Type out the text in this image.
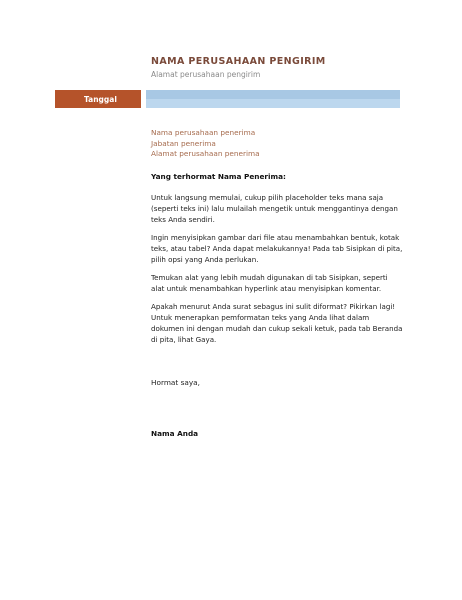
NAMA PERUSAHAAN PENGIRIM
Alamat perusahaan pengirim
Tanggal
Nama perusahaan penerima
Jabatan penerima
Alamat perusahaan penerima
Yang terhormat Nama Penerima:

Untuk langsung memulai, cukup pilih placeholder teks mana saja (seperti teks ini) lalu mulailah mengetik untuk menggantinya dengan teks Anda sendiri.

Ingin menyisipkan gambar dari file atau menambahkan bentuk, kotak teks, atau tabel? Anda dapat melakukannya! Pada tab Sisipkan di pita, pilih opsi yang Anda perlukan.

Temukan alat yang lebih mudah digunakan di tab Sisipkan, seperti alat untuk menambahkan hyperlink atau menyisipkan komentar.

Apakah menurut Anda surat sebagus ini sulit diformat? Pikirkan lagi! Untuk menerapkan pemformatan teks yang Anda lihat dalam dokumen ini dengan mudah dan cukup sekali ketuk, pada tab Beranda di pita, lihat Gaya.

Hormat saya,
Nama Anda
